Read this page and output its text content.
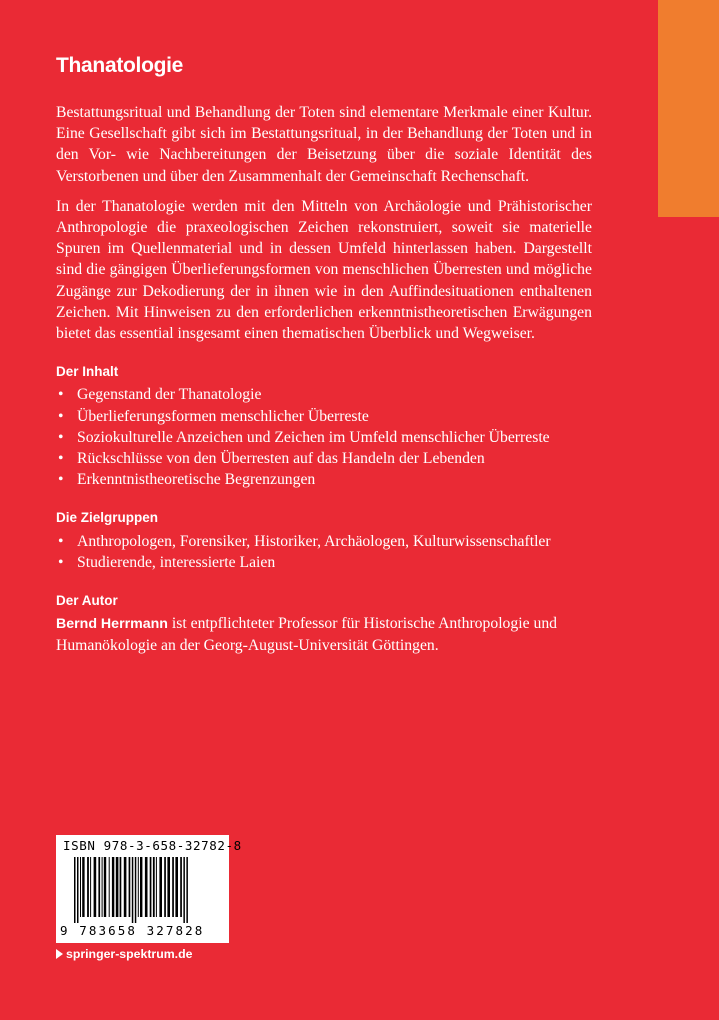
Thanatologie

Bestattungsritual und Behandlung der Toten sind elementare Merkmale einer Kultur. Eine Gesellschaft gibt sich im Bestattungsritual, in der Behandlung der Toten und in den Vor- wie Nachbereitungen der Beisetzung über die soziale Identität des Verstorbenen und über den Zusammenhalt der Gemeinschaft Rechenschaft.

In der Thanatologie werden mit den Mitteln von Archäologie und Prähistorischer Anthropologie die praxeologischen Zeichen rekonstruiert, soweit sie materielle Spuren im Quellenmaterial und in dessen Umfeld hinterlassen haben. Dargestellt sind die gängigen Überlieferungsformen von menschlichen Überresten und mögliche Zugänge zur Dekodierung der in ihnen wie in den Auffindesituationen enthaltenen Zeichen. Mit Hinweisen zu den erforderlichen erkenntnistheoretischen Erwägungen bietet das essential insgesamt einen thematischen Überblick und Wegweiser.

Der Inhalt
• Gegenstand der Thanatologie
• Überlieferungsformen menschlicher Überreste
• Soziokulturelle Anzeichen und Zeichen im Umfeld menschlicher Überreste
• Rückschlüsse von den Überresten auf das Handeln der Lebenden
• Erkenntnistheoretische Begrenzungen
Die Zielgruppen
• Anthropologen, Forensiker, Historiker, Archäologen, Kulturwissenschaftler
• Studierende, interessierte Laien
Der Autor

Bernd Herrmann ist entpflichteter Professor für Historische Anthropologie und Humanökologie an der Georg-August-Universität Göttingen.

ISBN 978-3-658-32782-8
9 783658 327828
springer-spektrum.de
